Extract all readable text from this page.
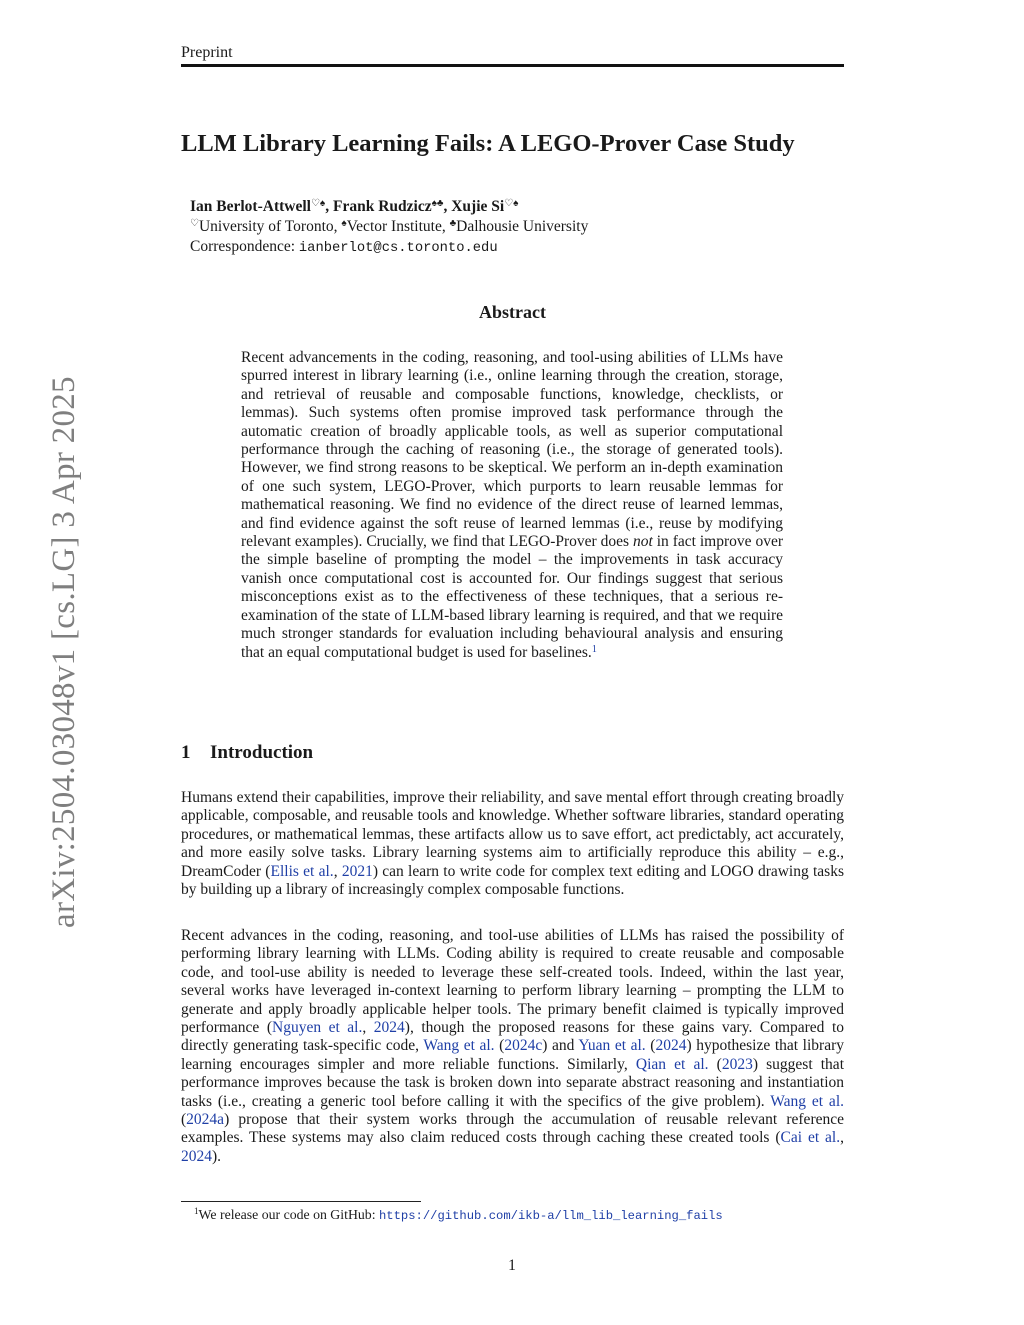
Preprint
arXiv:2504.03048v1 [cs.LG] 3 Apr 2025
LLM Library Learning Fails: A LEGO-Prover Case Study
Ian Berlot-Attwell♡♠, Frank Rudzicz♠♣, Xujie Si♡♠
♡University of Toronto, ♠Vector Institute, ♣Dalhousie University
Correspondence: ianberlot@cs.toronto.edu
Abstract

Recent advancements in the coding, reasoning, and tool-using abilities of LLMs have spurred interest in library learning (i.e., online learning through the creation, storage, and retrieval of reusable and composable functions, knowledge, checklists, or lemmas). Such systems often promise improved task performance through the automatic creation of broadly applicable tools, as well as superior computational performance through the caching of reasoning (i.e., the storage of generated tools). However, we find strong reasons to be skeptical. We perform an in-depth examination of one such system, LEGO-Prover, which purports to learn reusable lemmas for mathematical reasoning. We find no evidence of the direct reuse of learned lemmas, and find evidence against the soft reuse of learned lemmas (i.e., reuse by modifying relevant examples). Crucially, we find that LEGO-Prover does not in fact improve over the simple baseline of prompting the model – the improvements in task accuracy vanish once computational cost is accounted for. Our findings suggest that serious misconceptions exist as to the effectiveness of these techniques, that a serious re-examination of the state of LLM-based library learning is required, and that we require much stronger standards for evaluation including behavioural analysis and ensuring that an equal computational budget is used for baselines.$^1$

1 Introduction

Humans extend their capabilities, improve their reliability, and save mental effort through creating broadly applicable, composable, and reusable tools and knowledge. Whether software libraries, standard operating procedures, or mathematical lemmas, these artifacts allow us to save effort, act predictably, act accurately, and more easily solve tasks. Library learning systems aim to artificially reproduce this ability – e.g., DreamCoder (Ellis et al., 2021) can learn to write code for complex text editing and LOGO drawing tasks by building up a library of increasingly complex composable functions.

Recent advances in the coding, reasoning, and tool-use abilities of LLMs has raised the possibility of performing library learning with LLMs. Coding ability is required to create reusable and composable code, and tool-use ability is needed to leverage these self-created tools. Indeed, within the last year, several works have leveraged in-context learning to perform library learning – prompting the LLM to generate and apply broadly applicable helper tools. The primary benefit claimed is typically improved performance (Nguyen et al., 2024), though the proposed reasons for these gains vary. Compared to directly generating task-specific code, Wang et al. (2024c) and Yuan et al. (2024) hypothesize that library learning encourages simpler and more reliable functions. Similarly, Qian et al. (2023) suggest that performance improves because the task is broken down into separate abstract reasoning and instantiation tasks (i.e., creating a generic tool before calling it with the specifics of the give problem). Wang et al. (2024a) propose that their system works through the accumulation of reusable relevant reference examples. These systems may also claim reduced costs through caching these created tools (Cai et al., 2024).

$^1$We release our code on GitHub: https://github.com/ikb-a/llm_lib_learning_fails
1
